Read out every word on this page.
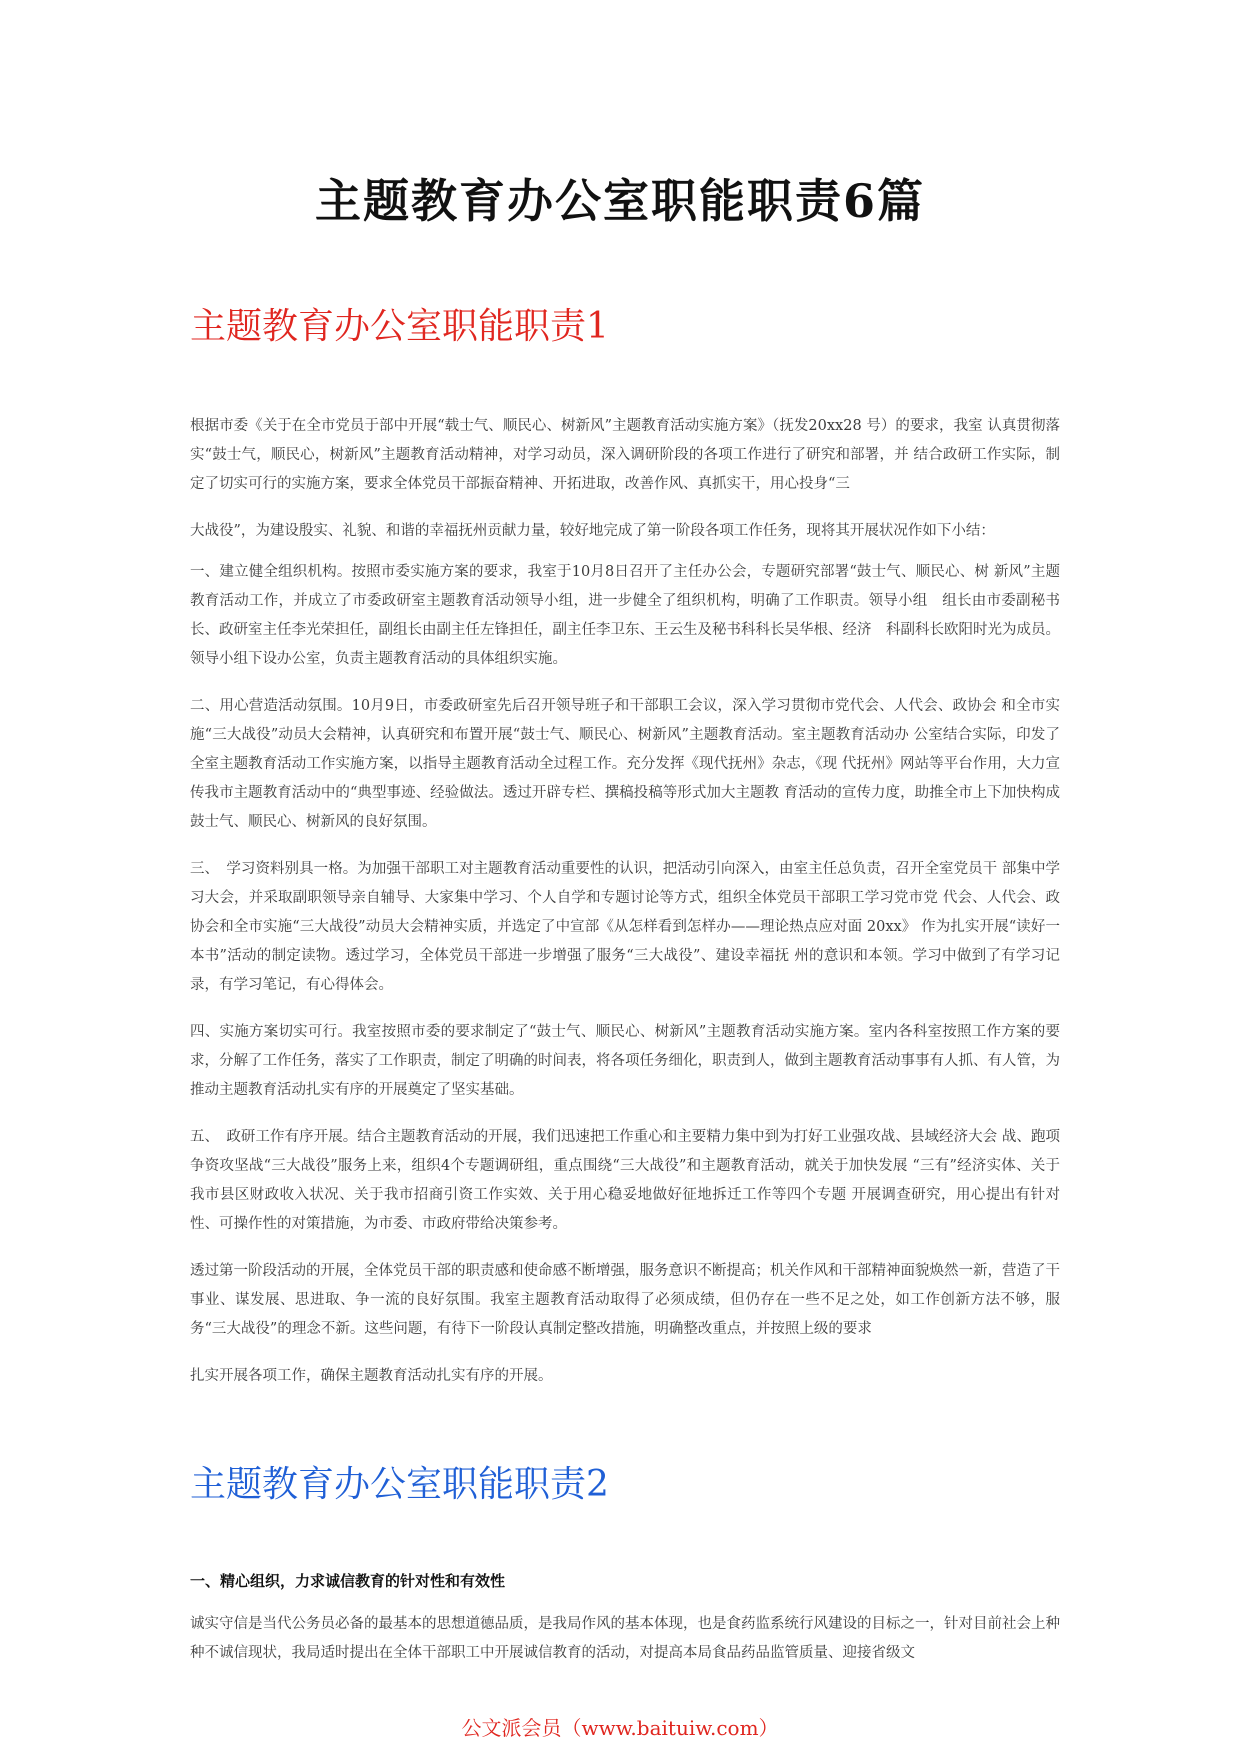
主题教育办公室职能职责6篇
主题教育办公室职能职责1

根据市委《关于在全市党员于部中开展“载士气、顺民心、树新风”主题教育活动实施方案》（抚发20xx28 号）的要求，我室 认真贯彻落实“鼓士气，顺民心，树新风”主题教育活动精神，对学习动员，深入调研阶段的各项工作进行了研究和部署，并 结合政研工作实际，制定了切实可行的实施方案，要求全体党员干部振奋精神、开拓进取，改善作风、真抓实干，用心投身“三

大战役”，为建设殷实、礼貌、和谐的幸福抚州贡献力量，较好地完成了第一阶段各项工作任务，现将其开展状况作如下小结：

一、建立健全组织机构。按照市委实施方案的要求，我室于10月8日召开了主任办公会，专题研究部署“鼓士气、顺民心、树 新风”主题教育活动工作，并成立了市委政研室主题教育活动领导小组，进一步健全了组织机构，明确了工作职责。领导小组　组长由市委副秘书长、政研室主任李光荣担任，副组长由副主任左锋担任，副主任李卫东、王云生及秘书科科长吴华根、经济　科副科长欧阳时光为成员。领导小组下设办公室，负责主题教育活动的具体组织实施。

二、用心营造活动氛围。10月9日，市委政研室先后召开领导班子和干部职工会议，深入学习贯彻市党代会、人代会、政协会 和全市实施“三大战役”动员大会精神，认真研究和布置开展“鼓士气、顺民心、树新风”主题教育活动。室主题教育活动办 公室结合实际，印发了全室主题教育活动工作实施方案，以指导主题教育活动全过程工作。充分发挥《现代抚州》杂志，《现 代抚州》网站等平台作用，大力宣传我市主题教育活动中的“典型事迹、经验做法。透过开辟专栏、撰稿投稿等形式加大主题教 育活动的宣传力度，助推全市上下加快构成鼓士气、顺民心、树新风的良好氛围。

三、　学习资料别具一格。为加强干部职工对主题教育活动重要性的认识，把活动引向深入，由室主任总负责，召开全室党员干 部集中学习大会，并采取副职领导亲自辅导、大家集中学习、个人自学和专题讨论等方式，组织全体党员干部职工学习党市党 代会、人代会、政协会和全市实施“三大战役”动员大会精神实质，并选定了中宣部《从怎样看到怎样办——理论热点应对面 20xx》 作为扎实开展“读好一本书”活动的制定读物。透过学习，全体党员干部进一步增强了服务“三大战役”、建设幸福抚 州的意识和本领。学习中做到了有学习记录，有学习笔记，有心得体会。

四、实施方案切实可行。我室按照市委的要求制定了“鼓士气、顺民心、树新风”主题教育活动实施方案。室内各科室按照工作方案的要求，分解了工作任务，落实了工作职责，制定了明确的时间表，将各项任务细化，职责到人，做到主题教育活动事事有人抓、有人管，为推动主题教育活动扎实有序的开展奠定了坚实基础。

五、　政研工作有序开展。结合主题教育活动的开展，我们迅速把工作重心和主要精力集中到为打好工业强攻战、县域经济大会 战、跑项争资攻坚战“三大战役”服务上来，组织4个专题调研组，重点围绕“三大战役”和主题教育活动，就关于加快发展 “三有”经济实体、关于我市县区财政收入状况、关于我市招商引资工作实效、关于用心稳妥地做好征地拆迁工作等四个专题 开展调查研究，用心提出有针对性、可操作性的对策措施，为市委、市政府带给决策参考。

透过第一阶段活动的开展，全体党员干部的职责感和使命感不断增强，服务意识不断提高；机关作风和干部精神面貌焕然一新，营造了干事业、谋发展、思进取、争一流的良好氛围。我室主题教育活动取得了必须成绩，但仍存在一些不足之处，如工作创新方法不够，服务“三大战役”的理念不新。这些问题，有待下一阶段认真制定整改措施，明确整改重点，并按照上级的要求

扎实开展各项工作，确保主题教育活动扎实有序的开展。

主题教育办公室职能职责2
一、精心组织，力求诚信教育的针对性和有效性

诚实守信是当代公务员必备的最基本的思想道德品质，是我局作风的基本体现，也是食药监系统行风建设的目标之一，针对目前社会上种种不诚信现状，我局适时提出在全体干部职工中开展诚信教育的活动，对提高本局食品药品监管质量、迎接省级文

公文派会员（www.baituiw.com）
